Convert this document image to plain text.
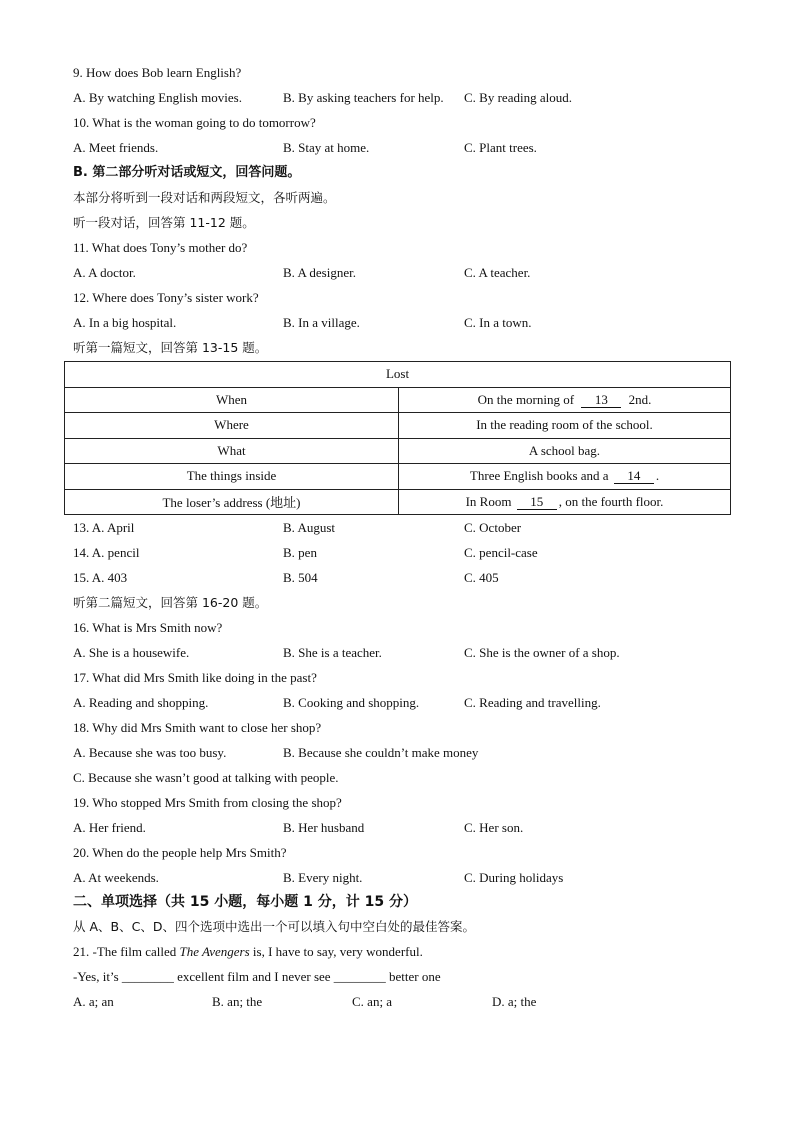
9. How does Bob learn English?
A. By watching English movies.	B. By asking teachers for help. C. By reading aloud.
10. What is the woman going to do tomorrow?
A. Meet friends.	B. Stay at home.	C. Plant trees.
B. 第二部分听对话或短文，回答问题。
本部分将听到一段对话和两段短文，各听两遍。
听一段对话，回答第 11-12 题。
11. What does Tony’s mother do?
A. A doctor.	B. A designer.	C. A teacher.
12. Where does Tony’s sister work?
A. In a big hospital.	B. In a village.	C. In a town.
听第一篇短文，回答第 13-15 题。
Lost	
When	On the morning of 13 2nd.
Where	In the reading room of the school.
What	A school bag.
The things inside	Three English books and a 14 .
The loser’s address (地址)	In Room 15 , on the fourth floor.
13. A. April	B. August	C. October
14. A. pencil	B. pen	C. pencil-case
15. A. 403	B. 504	C. 405
听第二篇短文，回答第 16-20 题。
16. What is Mrs Smith now?
A. She is a housewife.	B. She is a teacher.	C. She is the owner of a shop.
17. What did Mrs Smith like doing in the past?
A. Reading and shopping.	B. Cooking and shopping.	C. Reading and travelling.
18. Why did Mrs Smith want to close her shop?
A. Because she was too busy.	B. Because she couldn’t make money
C. Because she wasn’t good at talking with people.
19. Who stopped Mrs Smith from closing the shop?
A. Her friend.	B. Her husband	C. Her son.
20. When do the people help Mrs Smith?
A. At weekends.	B. Every night.	C. During holidays
二、单项选择（共 15 小题，每小题 1 分，计 15 分）
从 A、B、C、D、四个选项中选出一个可以填入句中空白处的最佳答案。
21. -The film called The Avengers is, I have to say, very wonderful.
-Yes, it’s ________ excellent film and I never see ________ better one
A. a; an	B. an; the	C. an; a	D. a; the
